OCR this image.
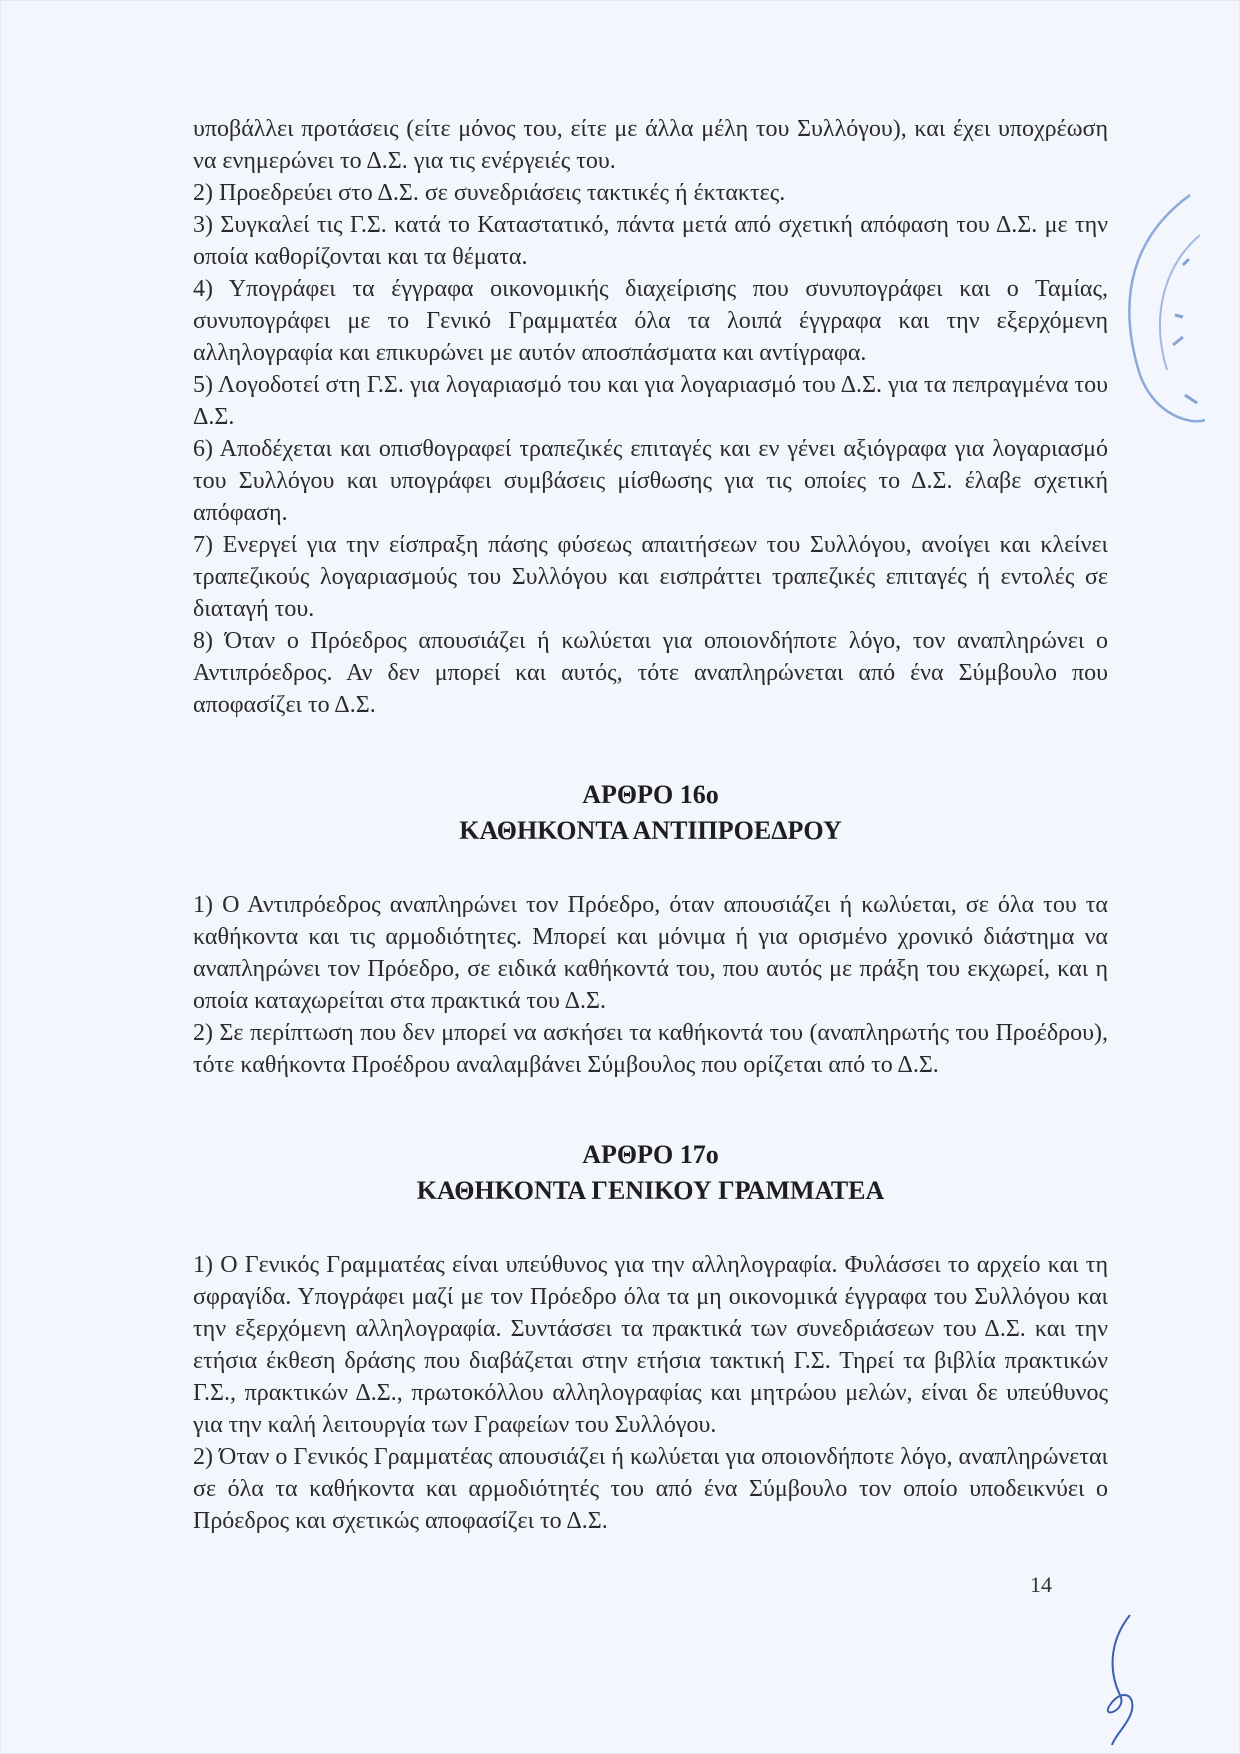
υποβάλλει προτάσεις (είτε μόνος του, είτε με άλλα μέλη του Συλλόγου), και έχει υποχρέωση να ενημερώνει το Δ.Σ. για τις ενέργειές του.

2) Προεδρεύει στο Δ.Σ. σε συνεδριάσεις τακτικές ή έκτακτες.

3) Συγκαλεί τις Γ.Σ. κατά το Καταστατικό, πάντα μετά από σχετική απόφαση του Δ.Σ. με την οποία καθορίζονται και τα θέματα.

4) Υπογράφει τα έγγραφα οικονομικής διαχείρισης που συνυπογράφει και ο Ταμίας, συνυπογράφει με το Γενικό Γραμματέα όλα τα λοιπά έγγραφα και την εξερχόμενη αλληλογραφία και επικυρώνει με αυτόν αποσπάσματα και αντίγραφα.

5) Λογοδοτεί στη Γ.Σ. για λογαριασμό του και για λογαριασμό του Δ.Σ. για τα πεπραγμένα του Δ.Σ.

6) Αποδέχεται και οπισθογραφεί τραπεζικές επιταγές και εν γένει αξιόγραφα για λογαριασμό του Συλλόγου και υπογράφει συμβάσεις μίσθωσης για τις οποίες το Δ.Σ. έλαβε σχετική απόφαση.

7) Ενεργεί για την είσπραξη πάσης φύσεως απαιτήσεων του Συλλόγου, ανοίγει και κλείνει τραπεζικούς λογαριασμούς του Συλλόγου και εισπράττει τραπεζικές επιταγές ή εντολές σε διαταγή του.

8) Όταν ο Πρόεδρος απουσιάζει ή κωλύεται για οποιονδήποτε λόγο, τον αναπληρώνει ο Αντιπρόεδρος. Αν δεν μπορεί και αυτός, τότε αναπληρώνεται από ένα Σύμβουλο που αποφασίζει το Δ.Σ.

ΑΡΘΡΟ 16ο
ΚΑΘΗΚΟΝΤΑ ΑΝΤΙΠΡΟΕΔΡΟΥ

1) Ο Αντιπρόεδρος αναπληρώνει τον Πρόεδρο, όταν απουσιάζει ή κωλύεται, σε όλα του τα καθήκοντα και τις αρμοδιότητες. Μπορεί και μόνιμα ή για ορισμένο χρονικό διάστημα να αναπληρώνει τον Πρόεδρο, σε ειδικά καθήκοντά του, που αυτός με πράξη του εκχωρεί, και η οποία καταχωρείται στα πρακτικά του Δ.Σ.

2) Σε περίπτωση που δεν μπορεί να ασκήσει τα καθήκοντά του (αναπληρωτής του Προέδρου), τότε καθήκοντα Προέδρου αναλαμβάνει Σύμβουλος που ορίζεται από το Δ.Σ.

ΑΡΘΡΟ 17ο
ΚΑΘΗΚΟΝΤΑ ΓΕΝΙΚΟΥ ΓΡΑΜΜΑΤΕΑ

1) Ο Γενικός Γραμματέας είναι υπεύθυνος για την αλληλογραφία. Φυλάσσει το αρχείο και τη σφραγίδα. Υπογράφει μαζί με τον Πρόεδρο όλα τα μη οικονομικά έγγραφα του Συλλόγου και την εξερχόμενη αλληλογραφία. Συντάσσει τα πρακτικά των συνεδριάσεων του Δ.Σ. και την ετήσια έκθεση δράσης που διαβάζεται στην ετήσια τακτική Γ.Σ. Τηρεί τα βιβλία πρακτικών Γ.Σ., πρακτικών Δ.Σ., πρωτοκόλλου αλληλογραφίας και μητρώου μελών, είναι δε υπεύθυνος για την καλή λειτουργία των Γραφείων του Συλλόγου.

2) Όταν ο Γενικός Γραμματέας απουσιάζει ή κωλύεται για οποιονδήποτε λόγο, αναπληρώνεται σε όλα τα καθήκοντα και αρμοδιότητές του από ένα Σύμβουλο τον οποίο υποδεικνύει ο Πρόεδρος και σχετικώς αποφασίζει το Δ.Σ.

14
